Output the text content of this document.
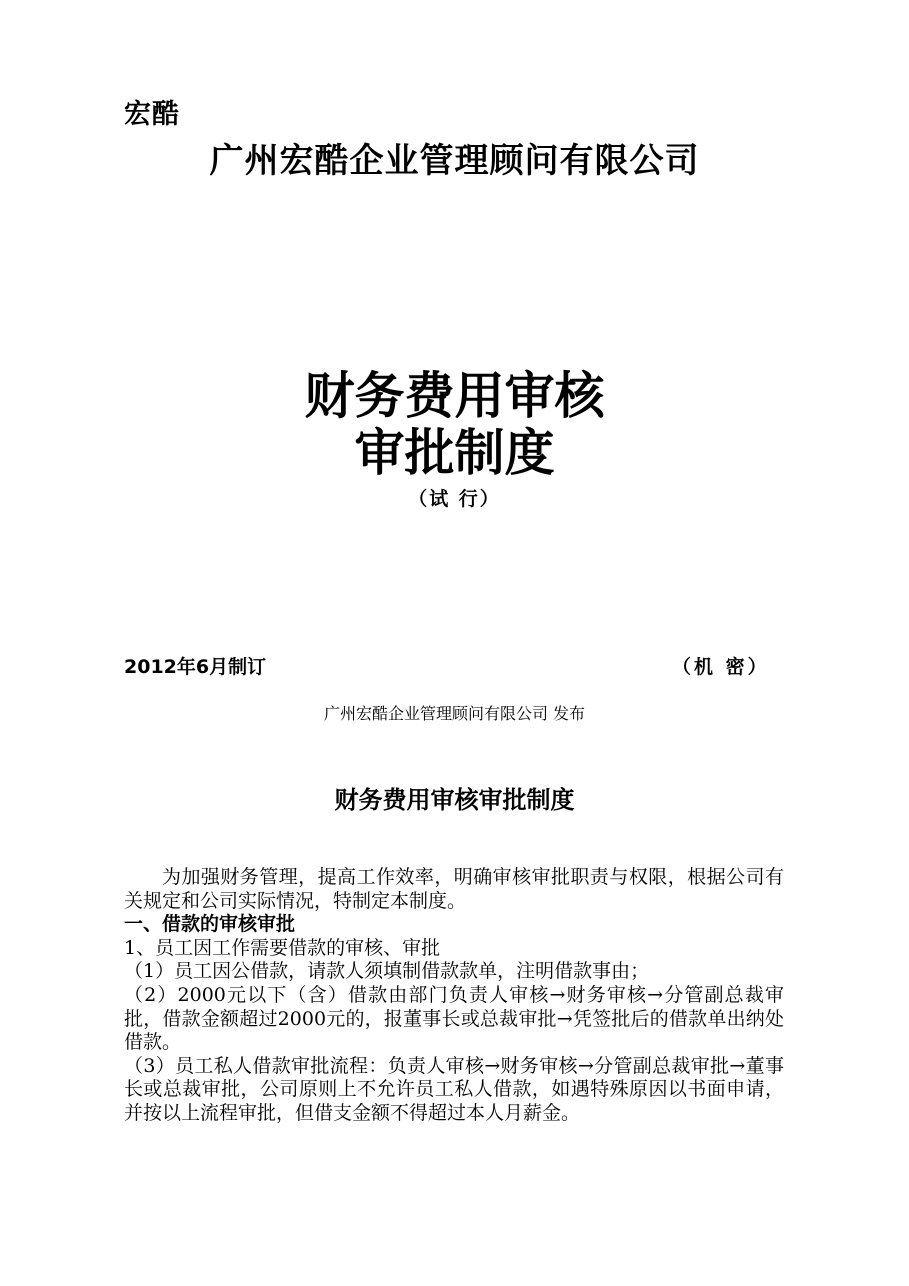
宏酷
广州宏酷企业管理顾问有限公司
财务费用审核
审批制度
（试 行）
2012年6月制订	（机 密）
广州宏酷企业管理顾问有限公司 发布
财务费用审核审批制度

为加强财务管理，提高工作效率，明确审核审批职责与权限，根据公司有关规定和公司实际情况，特制定本制度。

一、借款的审核审批

1、员工因工作需要借款的审核、审批

（1）员工因公借款，请款人须填制借款款单，注明借款事由；

（2）2000元以下（含）借款由部门负责人审核→财务审核→分管副总裁审批，借款金额超过2000元的，报董事长或总裁审批→凭签批后的借款单出纳处借款。

（3）员工私人借款审批流程：负责人审核→财务审核→分管副总裁审批→董事长或总裁审批，公司原则上不允许员工私人借款，如遇特殊原因以书面申请，并按以上流程审批，但借支金额不得超过本人月薪金。
